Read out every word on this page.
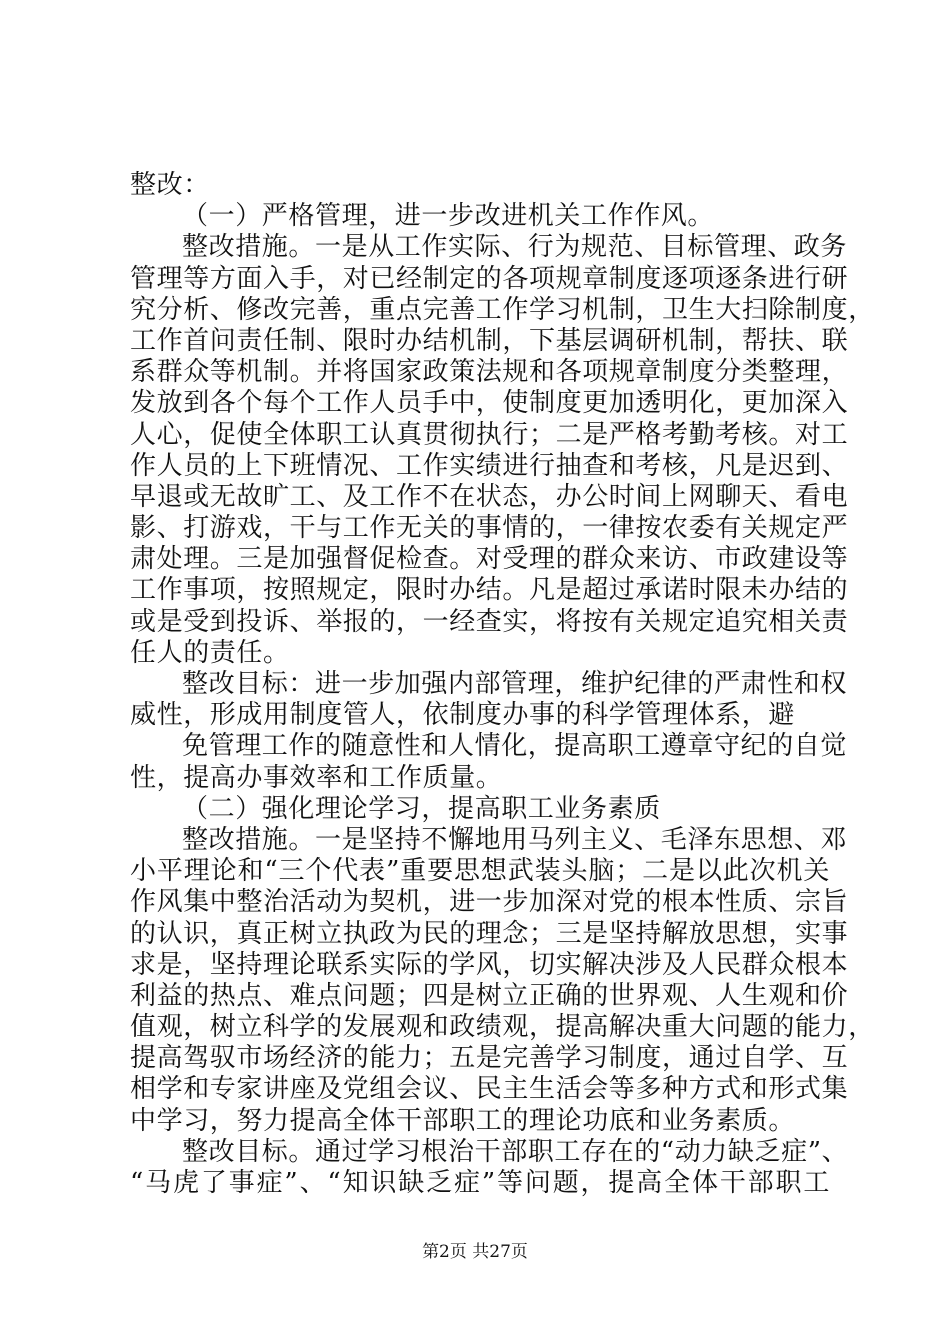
整改：
（一）严格管理，进一步改进机关工作作风。
整改措施。一是从工作实际、行为规范、目标管理、政务
管理等方面入手，对已经制定的各项规章制度逐项逐条进行研
究分析、修改完善，重点完善工作学习机制，卫生大扫除制度，
工作首问责任制、限时办结机制，下基层调研机制，帮扶、联
系群众等机制。并将国家政策法规和各项规章制度分类整理，
发放到各个每个工作人员手中，使制度更加透明化，更加深入
人心，促使全体职工认真贯彻执行；二是严格考勤考核。对工
作人员的上下班情况、工作实绩进行抽查和考核，凡是迟到、
早退或无故旷工、及工作不在状态，办公时间上网聊天、看电
影、打游戏，干与工作无关的事情的，一律按农委有关规定严
肃处理。三是加强督促检查。对受理的群众来访、市政建设等
工作事项，按照规定，限时办结。凡是超过承诺时限未办结的
或是受到投诉、举报的，一经查实，将按有关规定追究相关责
任人的责任。
整改目标：进一步加强内部管理，维护纪律的严肃性和权
威性，形成用制度管人，依制度办事的科学管理体系，避
免管理工作的随意性和人情化，提高职工遵章守纪的自觉
性，提高办事效率和工作质量。
（二）强化理论学习，提高职工业务素质
整改措施。一是坚持不懈地用马列主义、毛泽东思想、邓
小平理论和“三个代表”重要思想武装头脑；二是以此次机关
作风集中整治活动为契机，进一步加深对党的根本性质、宗旨
的认识，真正树立执政为民的理念；三是坚持解放思想，实事
求是，坚持理论联系实际的学风，切实解决涉及人民群众根本
利益的热点、难点问题；四是树立正确的世界观、人生观和价
值观，树立科学的发展观和政绩观，提高解决重大问题的能力，
提高驾驭市场经济的能力；五是完善学习制度，通过自学、互
相学和专家讲座及党组会议、民主生活会等多种方式和形式集
中学习，努力提高全体干部职工的理论功底和业务素质。
整改目标。通过学习根治干部职工存在的“动力缺乏症”、
“马虎了事症”、“知识缺乏症”等问题，提高全体干部职工
第2页 共27页
